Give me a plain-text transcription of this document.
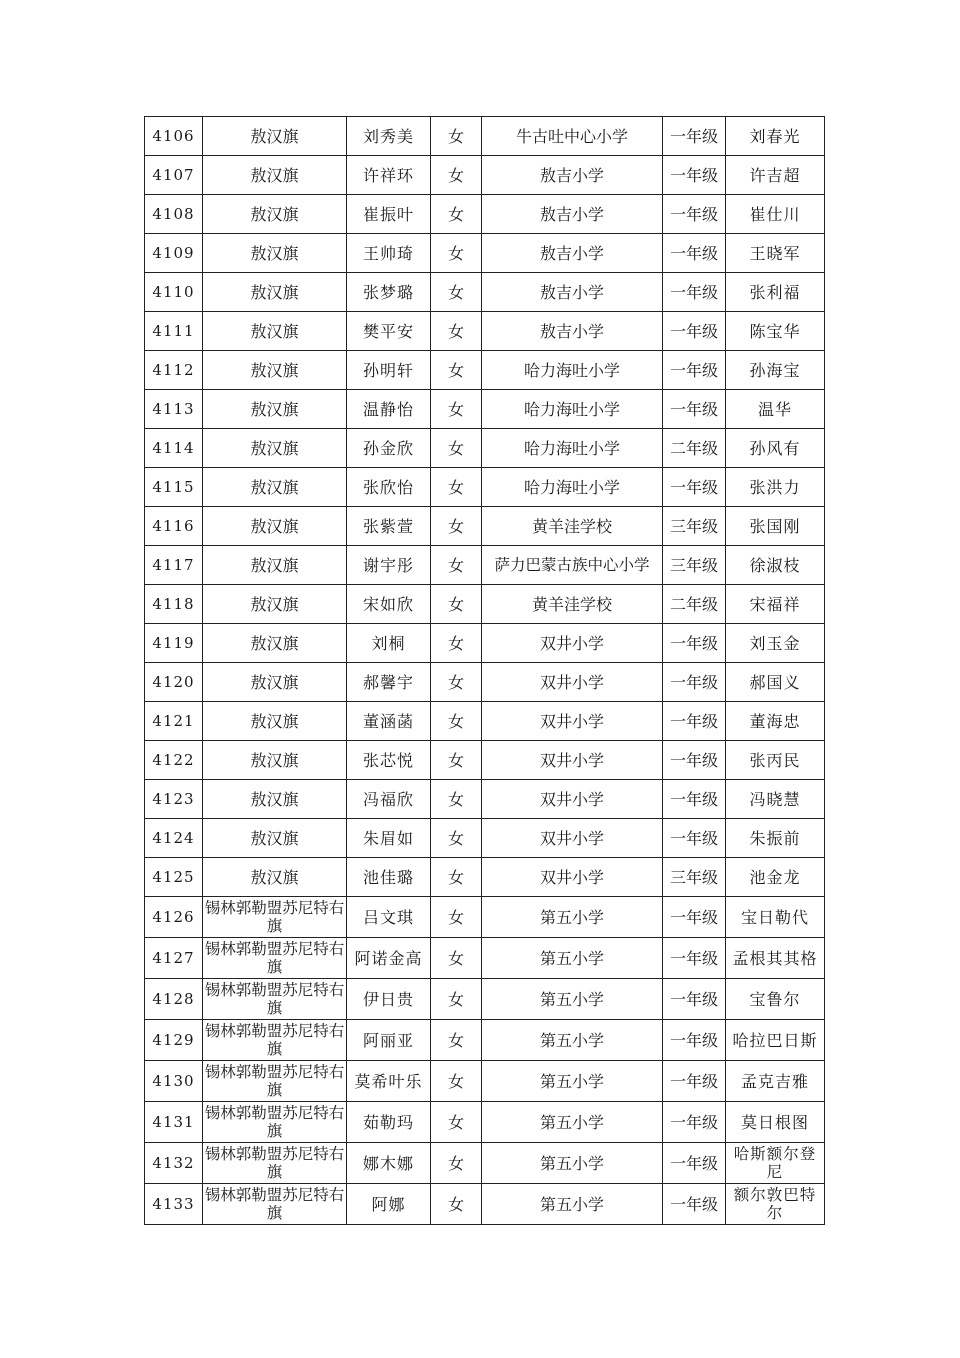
4106	敖汉旗	刘秀美	女	牛古吐中心小学	一年级	刘春光
4107	敖汉旗	许祥环	女	敖吉小学	一年级	许吉超
4108	敖汉旗	崔振叶	女	敖吉小学	一年级	崔仕川
4109	敖汉旗	王帅琦	女	敖吉小学	一年级	王晓军
4110	敖汉旗	张梦璐	女	敖吉小学	一年级	张利福
4111	敖汉旗	樊平安	女	敖吉小学	一年级	陈宝华
4112	敖汉旗	孙明轩	女	哈力海吐小学	一年级	孙海宝
4113	敖汉旗	温静怡	女	哈力海吐小学	一年级	温华
4114	敖汉旗	孙金欣	女	哈力海吐小学	二年级	孙风有
4115	敖汉旗	张欣怡	女	哈力海吐小学	一年级	张洪力
4116	敖汉旗	张紫萱	女	黄羊洼学校	三年级	张国刚
4117	敖汉旗	谢宇彤	女	萨力巴蒙古族中心小学	三年级	徐淑枝
4118	敖汉旗	宋如欣	女	黄羊洼学校	二年级	宋福祥
4119	敖汉旗	刘桐	女	双井小学	一年级	刘玉金
4120	敖汉旗	郝馨宇	女	双井小学	一年级	郝国义
4121	敖汉旗	董涵菡	女	双井小学	一年级	董海忠
4122	敖汉旗	张芯悦	女	双井小学	一年级	张丙民
4123	敖汉旗	冯福欣	女	双井小学	一年级	冯晓慧
4124	敖汉旗	朱眉如	女	双井小学	一年级	朱振前
4125	敖汉旗	池佳璐	女	双井小学	三年级	池金龙
4126	锡林郭勒盟苏尼特右旗	吕文琪	女	第五小学	一年级	宝日勒代
4127	锡林郭勒盟苏尼特右旗	阿诺金高	女	第五小学	一年级	孟根其其格
4128	锡林郭勒盟苏尼特右旗	伊日贵	女	第五小学	一年级	宝鲁尔
4129	锡林郭勒盟苏尼特右旗	阿丽亚	女	第五小学	一年级	哈拉巴日斯
4130	锡林郭勒盟苏尼特右旗	莫希叶乐	女	第五小学	一年级	孟克吉雅
4131	锡林郭勒盟苏尼特右旗	茹勒玛	女	第五小学	一年级	莫日根图
4132	锡林郭勒盟苏尼特右旗	娜木娜	女	第五小学	一年级	哈斯额尔登尼
4133	锡林郭勒盟苏尼特右旗	阿娜	女	第五小学	一年级	额尔敦巴特尔
